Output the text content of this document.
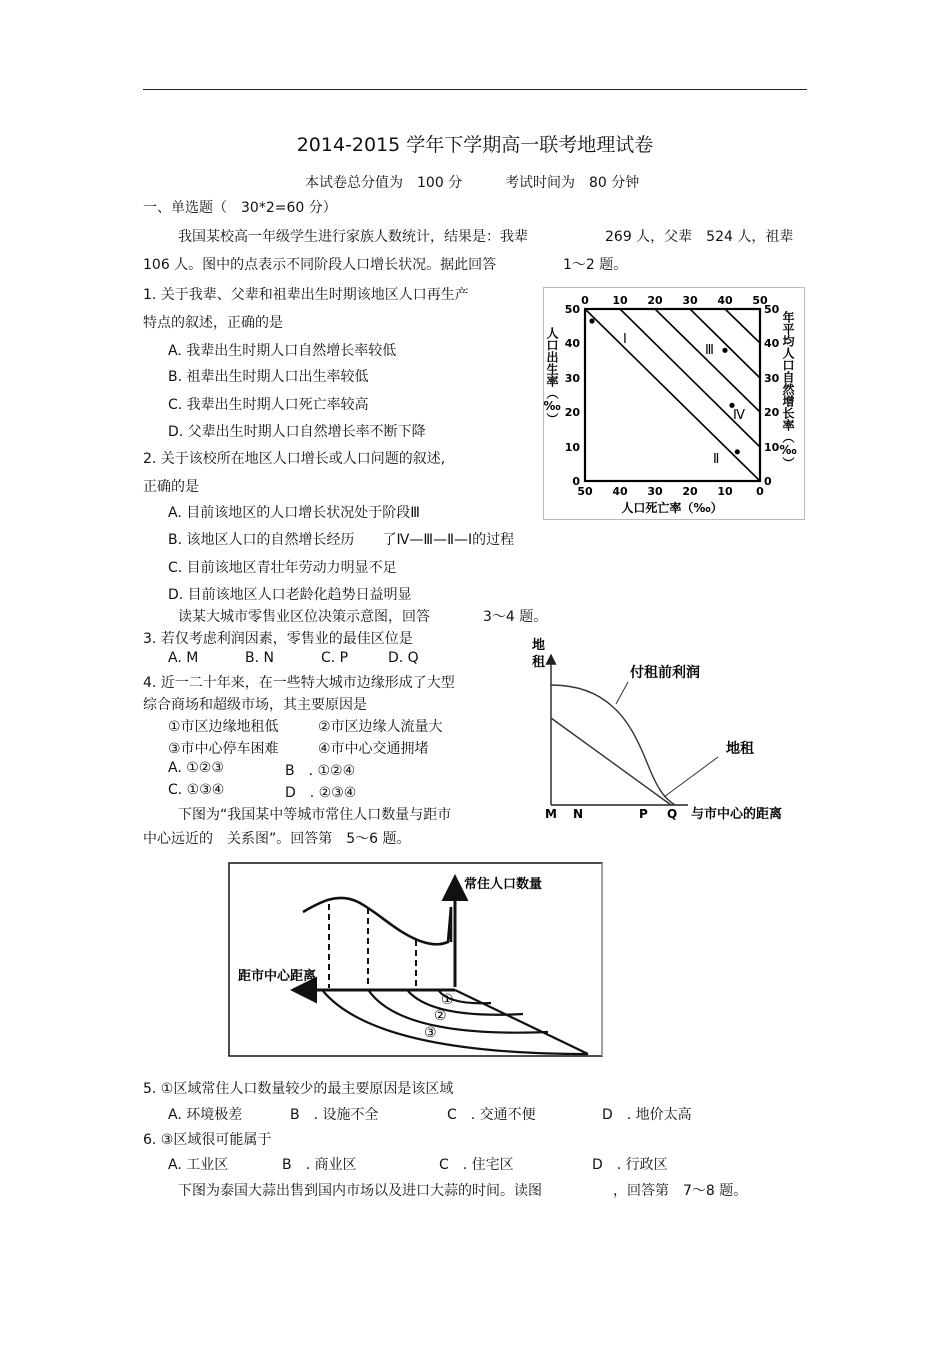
2014-2015 学年下学期高一联考地理试卷
本试卷总分值为　100 分	考试时间为　80 分钟
一、单选题（　30*2=60 分）
我国某校高一年级学生进行家族人数统计，结果是：我辈	269 人，父辈　524 人，祖辈
106 人。图中的点表示不同阶段人口增长状况。据此回答	1～2 题。
1. 关于我辈、父辈和祖辈出生时期该地区人口再生产
特点的叙述，正确的是
A. 我辈出生时期人口自然增长率较低
B. 祖辈出生时期人口出生率较低
C. 我辈出生时期人口死亡率较高
D. 父辈出生时期人口自然增长率不断下降
2. 关于该校所在地区人口增长或人口问题的叙述,
正确的是
A. 目前该地区的人口增长状况处于阶段Ⅲ
B. 该地区人口的自然增长经历　　了Ⅳ—Ⅲ—Ⅱ—Ⅰ的过程
C. 目前该地区青壮年劳动力明显不足
D. 目前该地区人口老龄化趋势日益明显
读某大城市零售业区位决策示意图，回答	3～4 题。
3. 若仅考虑利润因素，零售业的最佳区位是
A. M	B. N	C. P	D. Q
4. 近一二十年来，在一些特大城市边缘形成了大型
综合商场和超级市场，其主要原因是
①市区边缘地租低	②市区边缘人流量大
③市中心停车困难	④市中心交通拥堵
A. ①②③	B　. ①②④
C. ①③④	D　. ②③④
下图为“我国某中等城市常住人口数量与距市
中心远近的　关系图”。回答第　5～6 题。
0 10 20 30 40 50
50 40 30 20 10 0
50
40
30
20
10
0
50
40
30
20
10
0
Ⅰ
Ⅱ
Ⅲ
Ⅳ
人口出生率（‰）	年平均人口自然增长率（‰）
人口死亡率（‰）
地
租
付租前利润
地租
M N	P Q 与市中心的距离
常住人口数量
距市中心距离
①
②
③
5. ①区域常住人口数量较少的最主要原因是该区域
A. 环境极差	B　. 设施不全	C　. 交通不便	D　. 地价太高
6. ③区域很可能属于
A. 工业区	B　. 商业区	C　. 住宅区	D　. 行政区
下图为泰国大蒜出售到国内市场以及进口大蒜的时间。读图	，回答第　7～8 题。
